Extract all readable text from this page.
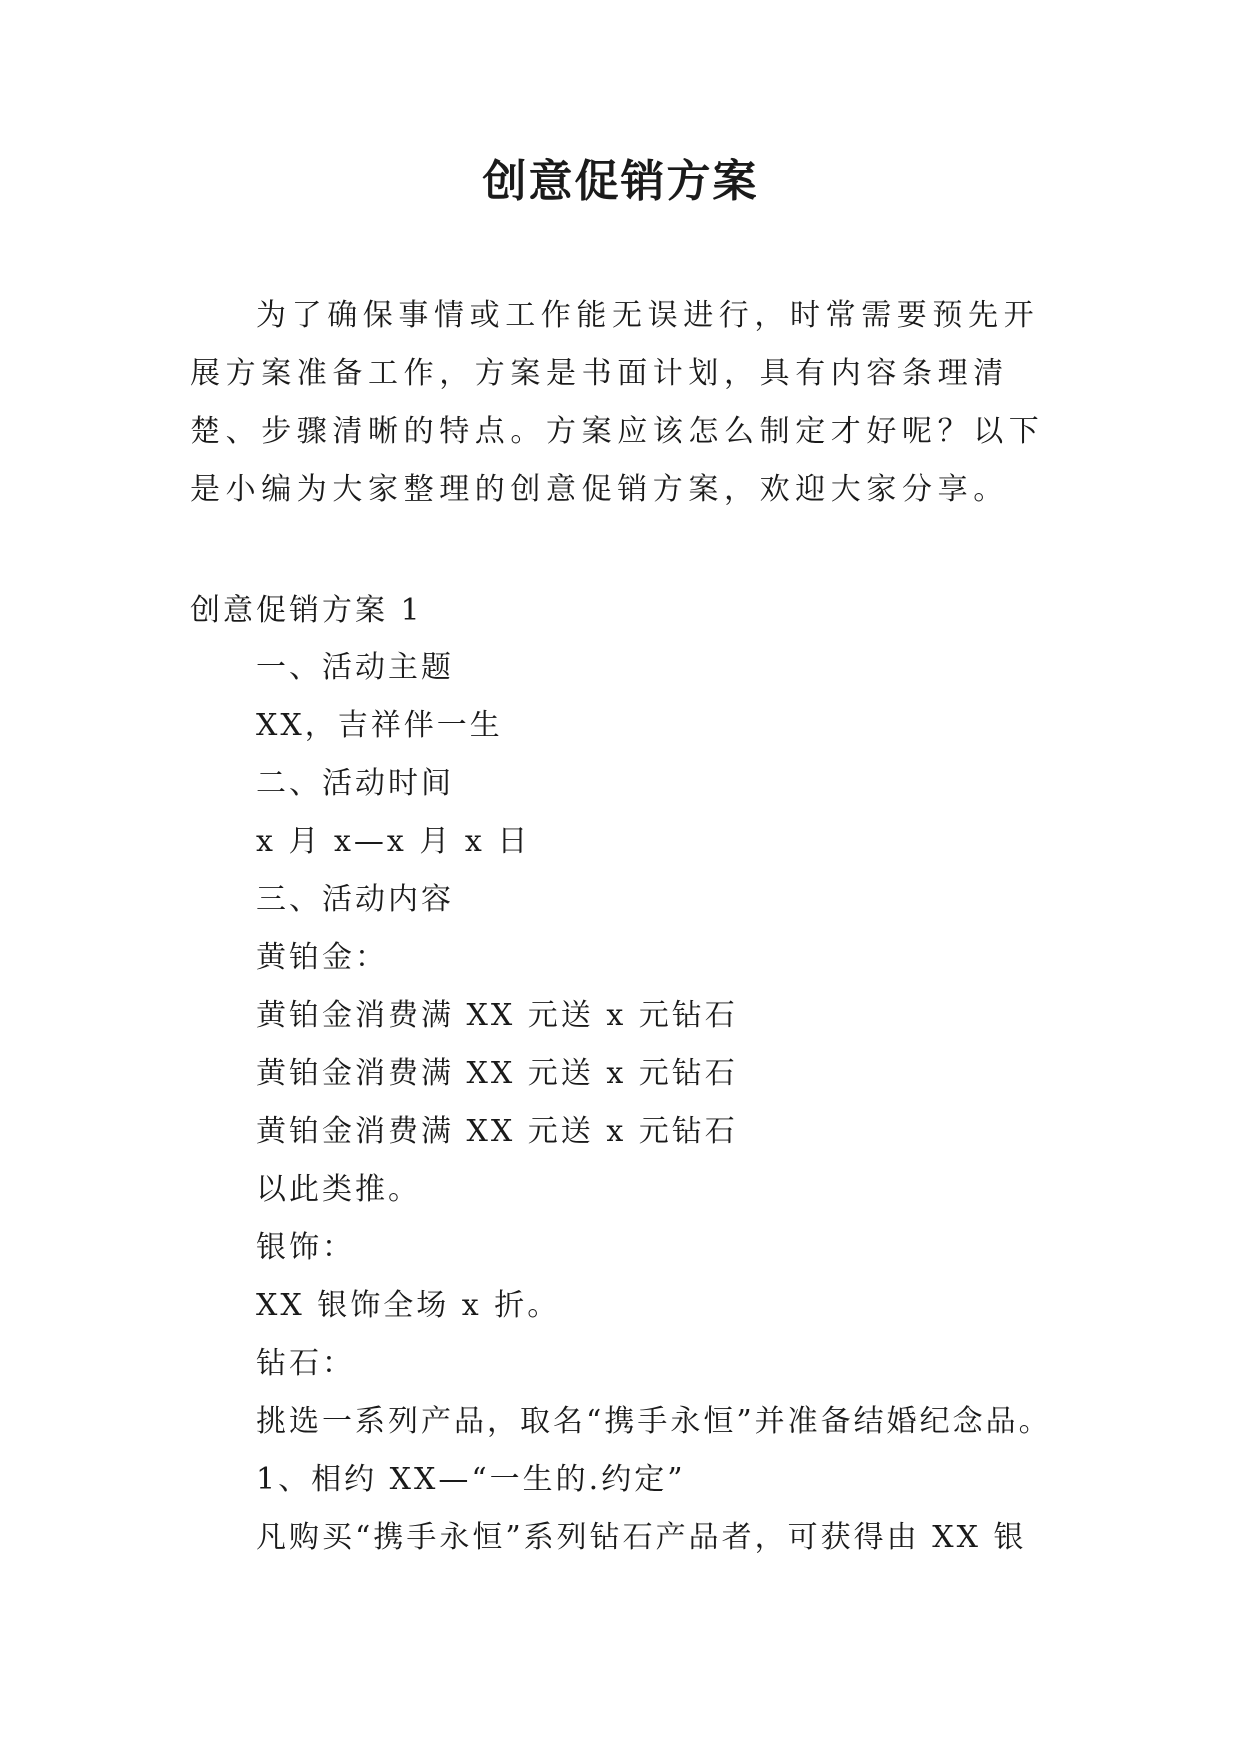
创意促销方案

为了确保事情或工作能无误进行，时常需要预先开展方案准备工作，方案是书面计划，具有内容条理清楚、步骤清晰的特点。方案应该怎么制定才好呢？以下是小编为大家整理的创意促销方案，欢迎大家分享。

创意促销方案 1
一、活动主题
XX，吉祥伴一生
二、活动时间
x 月 x—x 月 x 日
三、活动内容
黄铂金：
黄铂金消费满 XX 元送 x 元钻石
黄铂金消费满 XX 元送 x 元钻石
黄铂金消费满 XX 元送 x 元钻石
以此类推。
银饰：
XX 银饰全场 x 折。
钻石：
挑选一系列产品，取名“携手永恒”并准备结婚纪念品。
1、相约 XX—“一生的.约定”
凡购买“携手永恒”系列钻石产品者，可获得由 XX 银
